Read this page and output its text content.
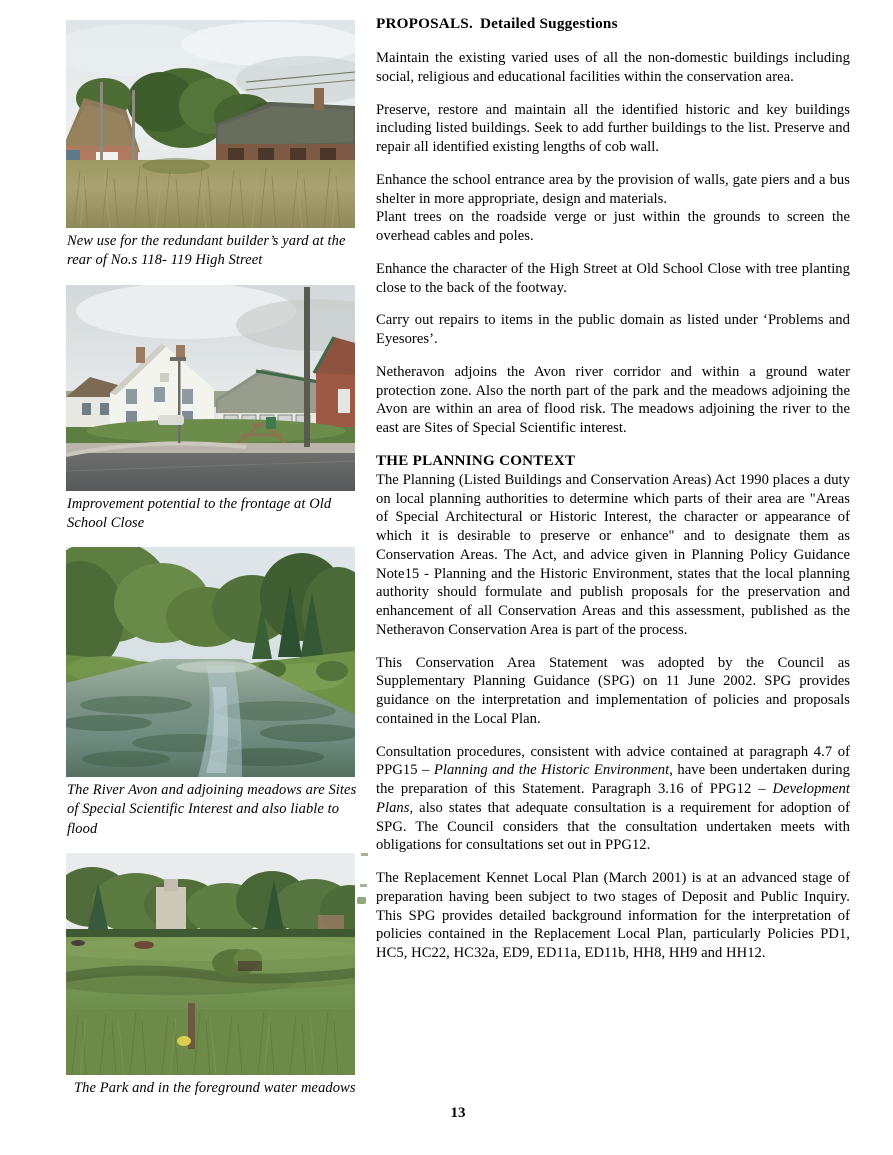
New use for the redundant builder’s yard at the rear of No.s 118- 119 High Street
Improvement potential to the frontage at Old School Close
The River Avon and adjoining meadows are Sites of Special Scientific Interest and also liable to flood
The Park and in the foreground water meadows
PROPOSALS. Detailed Suggestions

Maintain the existing varied uses of all the non-domestic buildings including social, religious and educational facilities within the conservation area.

Preserve, restore and maintain all the identified historic and key buildings including listed buildings. Seek to add further buildings to the list. Preserve and repair all identified existing lengths of cob wall.

Enhance the school entrance area by the provision of walls, gate piers and a bus shelter in more appropriate, design and materials.

Plant trees on the roadside verge or just within the grounds to screen the overhead cables and poles.

Enhance the character of the High Street at Old School Close with tree planting close to the back of the footway.

Carry out repairs to items in the public domain as listed under ‘Problems and Eyesores’.

Netheravon adjoins the Avon river corridor and within a ground water protection zone. Also the north part of the park and the meadows adjoining the Avon are within an area of flood risk. The meadows adjoining the river to the east are Sites of Special Scientific interest.

THE PLANNING CONTEXT

The Planning (Listed Buildings and Conservation Areas) Act 1990 places a duty on local planning authorities to determine which parts of their area are "Areas of Special Architectural or Historic Interest, the character or appearance of which it is desirable to preserve or enhance" and to designate them as Conservation Areas. The Act, and advice given in Planning Policy Guidance Note15 - Planning and the Historic Environment, states that the local planning authority should formulate and publish proposals for the preservation and enhancement of all Conservation Areas and this assessment, published as the Netheravon Conservation Area is part of the process.

This Conservation Area Statement was adopted by the Council as Supplementary Planning Guidance (SPG) on 11 June 2002. SPG provides guidance on the interpretation and implementation of policies and proposals contained in the Local Plan.

Consultation procedures, consistent with advice contained at paragraph 4.7 of PPG15 – Planning and the Historic Environment, have been undertaken during the preparation of this Statement. Paragraph 3.16 of PPG12 – Development Plans, also states that adequate consultation is a requirement for adoption of SPG. The Council considers that the consultation undertaken meets with obligations for consultations set out in PPG12.

The Replacement Kennet Local Plan (March 2001) is at an advanced stage of preparation having been subject to two stages of Deposit and Public Inquiry. This SPG provides detailed background information for the interpretation of policies contained in the Replacement Local Plan, particularly Policies PD1, HC5, HC22, HC32a, ED9, ED11a, ED11b, HH8, HH9 and HH12.

13
